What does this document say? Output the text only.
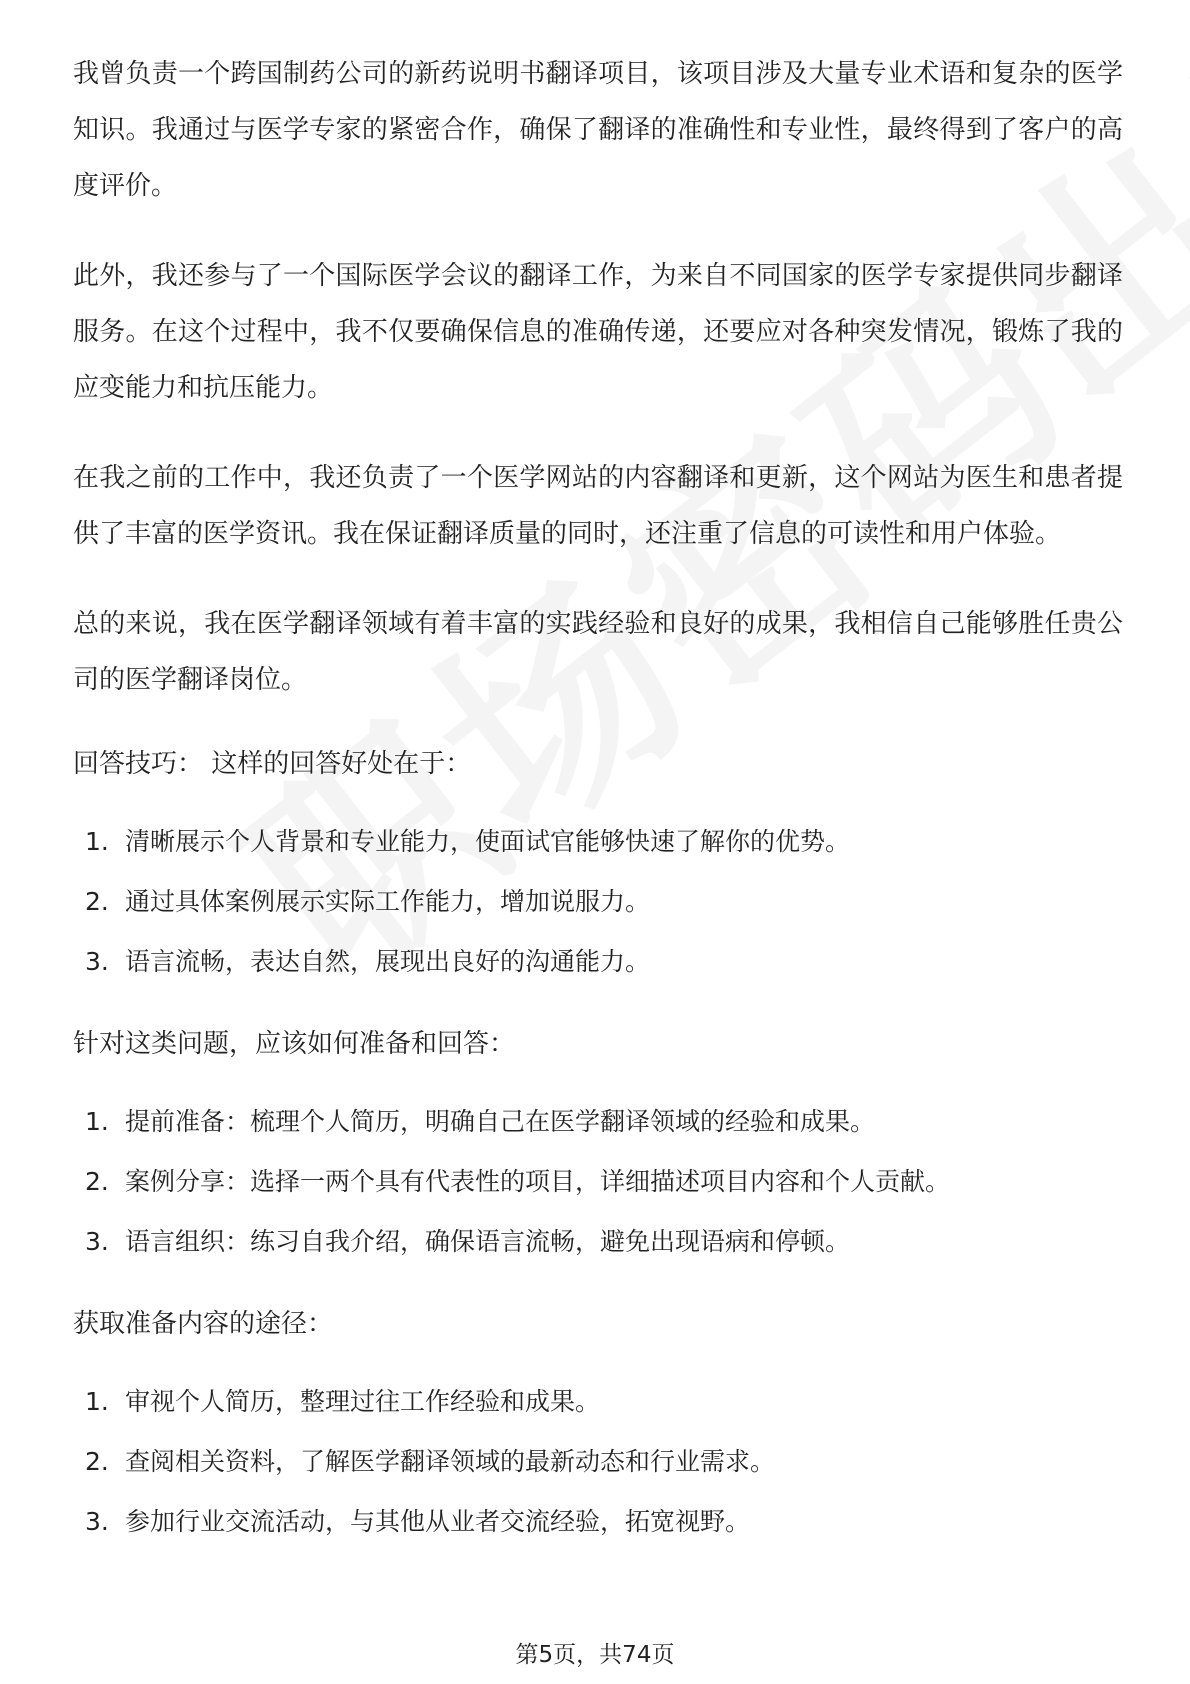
我曾负责一个跨国制药公司的新药说明书翻译项目，该项目涉及大量专业术语和复杂的医学知识。我通过与医学专家的紧密合作，确保了翻译的准确性和专业性，最终得到了客户的高度评价。

此外，我还参与了一个国际医学会议的翻译工作，为来自不同国家的医学专家提供同步翻译服务。在这个过程中，我不仅要确保信息的准确传递，还要应对各种突发情况，锻炼了我的应变能力和抗压能力。

在我之前的工作中，我还负责了一个医学网站的内容翻译和更新，这个网站为医生和患者提供了丰富的医学资讯。我在保证翻译质量的同时，还注重了信息的可读性和用户体验。

总的来说，我在医学翻译领域有着丰富的实践经验和良好的成果，我相信自己能够胜任贵公司的医学翻译岗位。

回答技巧： 这样的回答好处在于：
1. 清晰展示个人背景和专业能力，使面试官能够快速了解你的优势。
2. 通过具体案例展示实际工作能力，增加说服力。
3. 语言流畅，表达自然，展现出良好的沟通能力。
针对这类问题，应该如何准备和回答：
1. 提前准备：梳理个人简历，明确自己在医学翻译领域的经验和成果。
2. 案例分享：选择一两个具有代表性的项目，详细描述项目内容和个人贡献。
3. 语言组织：练习自我介绍，确保语言流畅，避免出现语病和停顿。
获取准备内容的途径：
1. 审视个人简历，整理过往工作经验和成果。
2. 查阅相关资料，了解医学翻译领域的最新动态和行业需求。
3. 参加行业交流活动，与其他从业者交流经验，拓宽视野。
第5页，共74页
